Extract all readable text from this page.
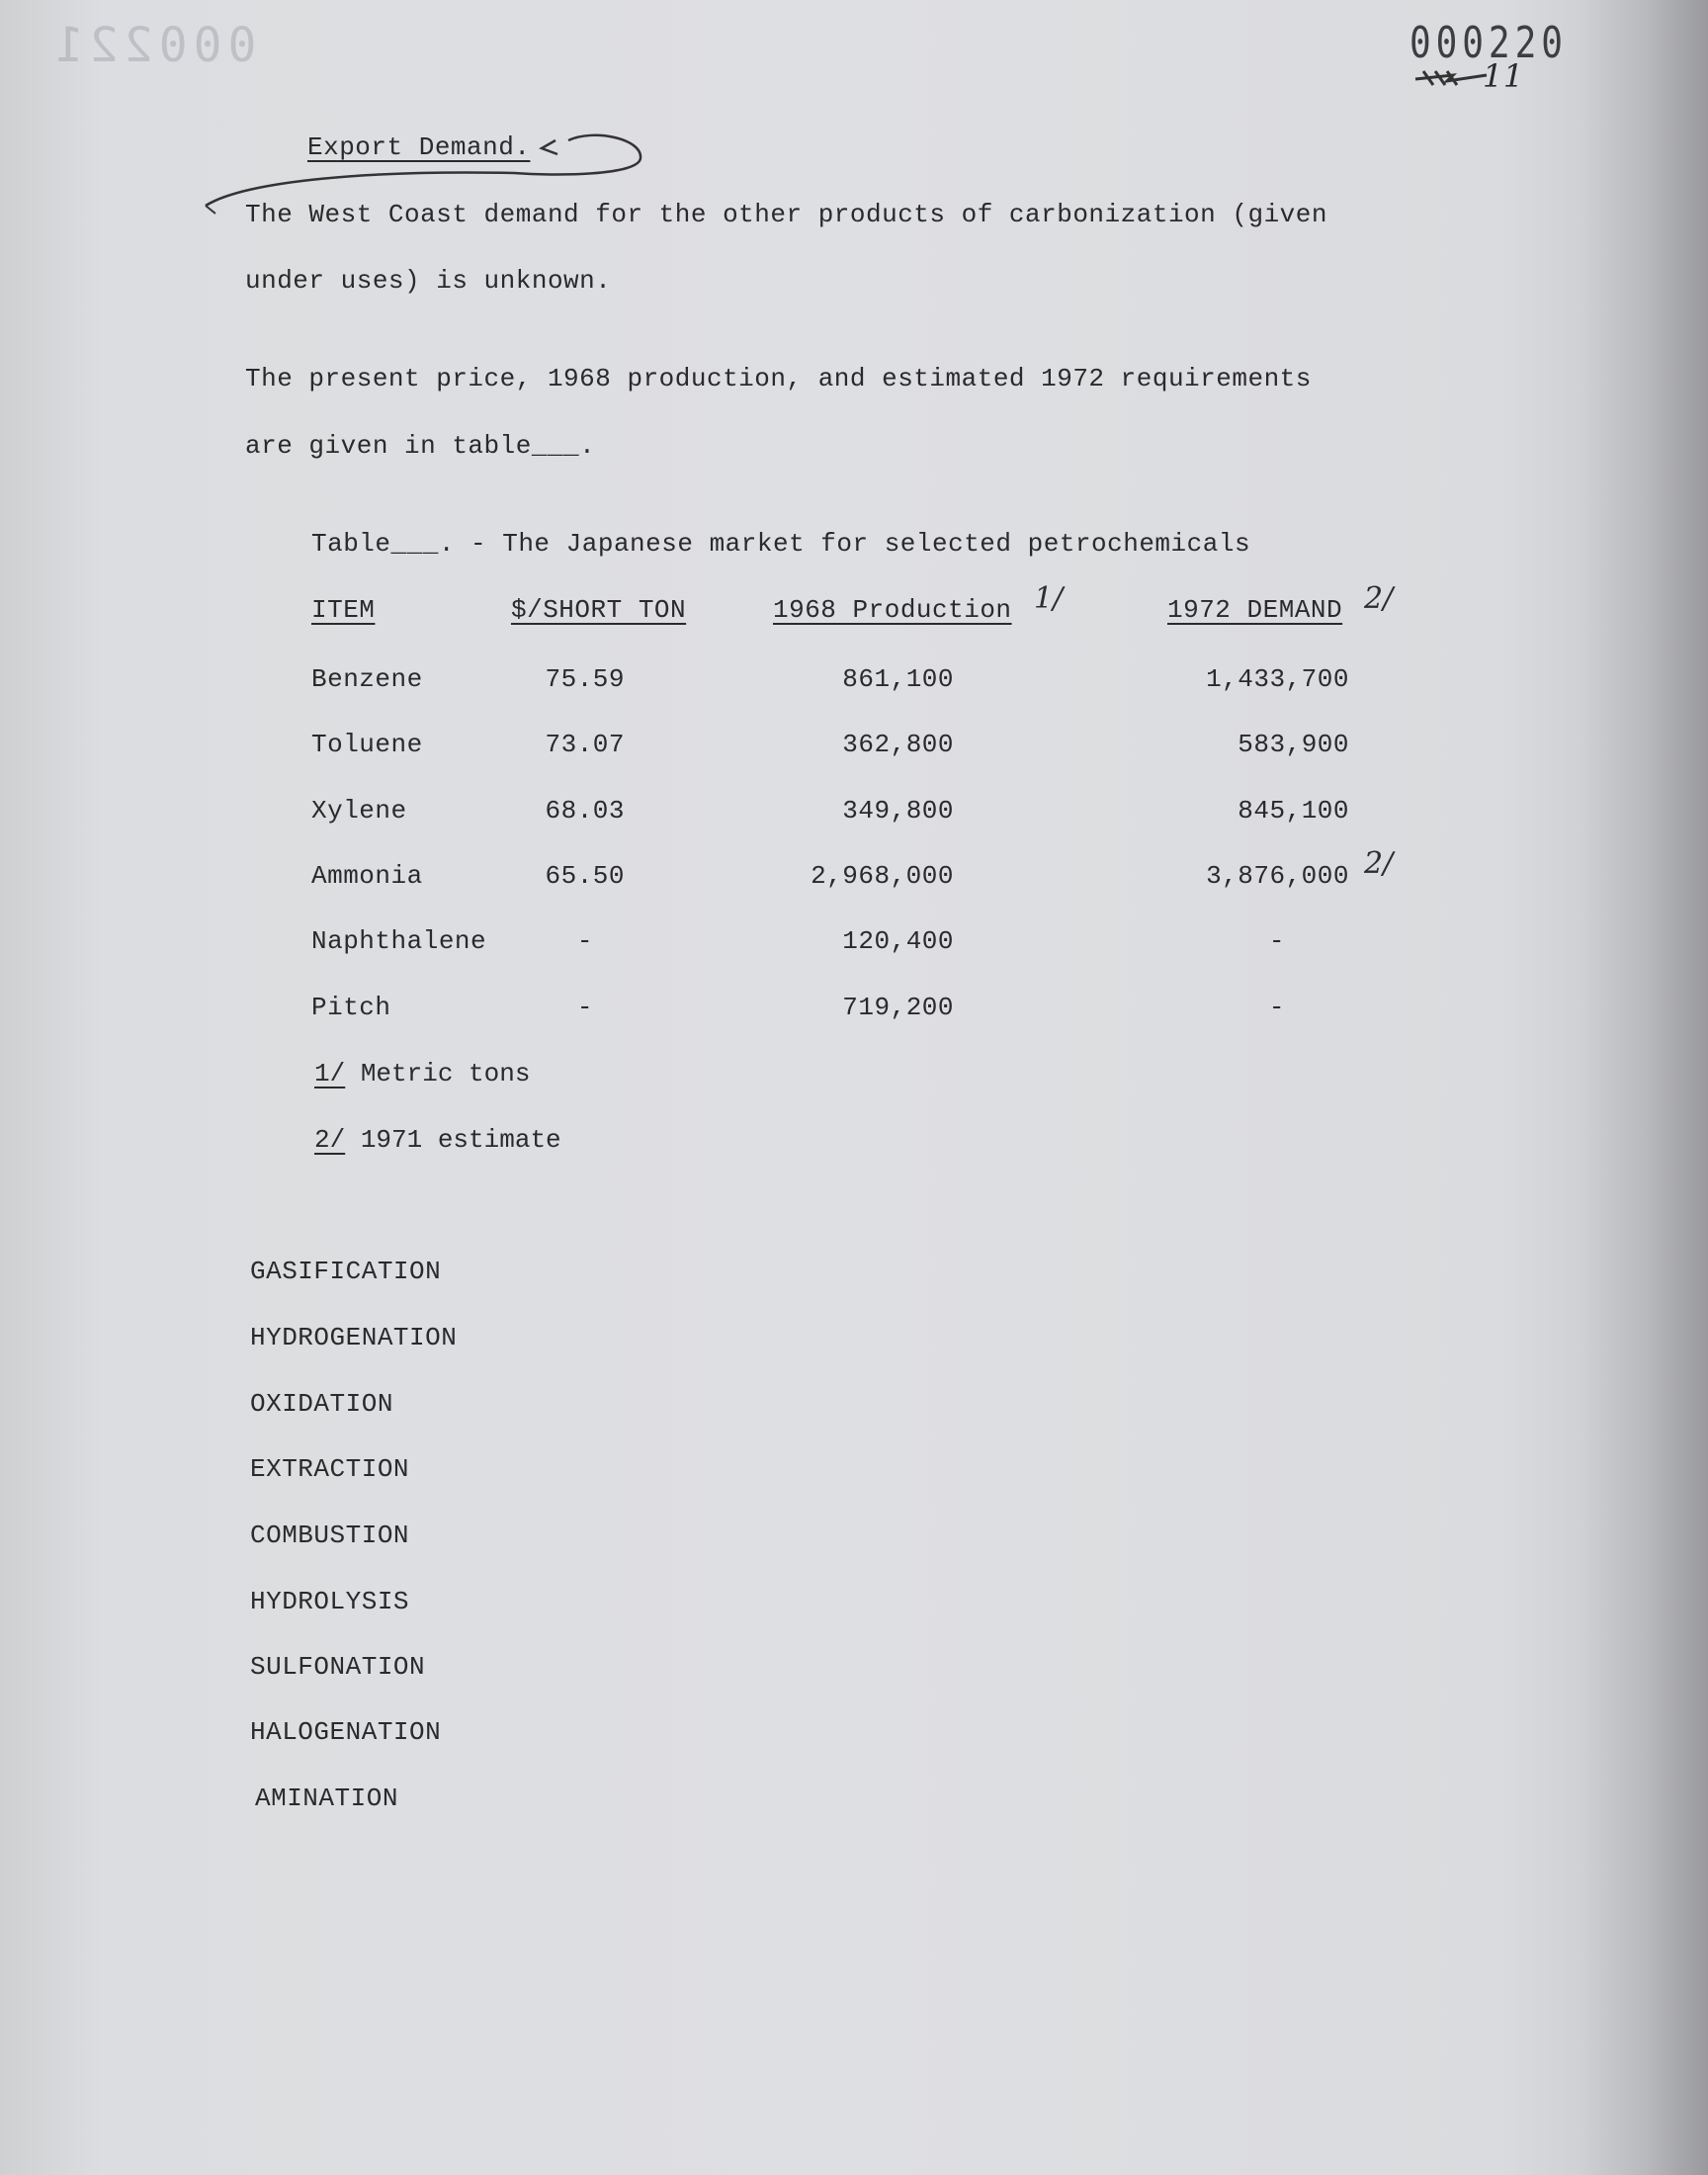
000221	000220
11
Export Demand.
The West Coast demand for the other products of carbonization (given
under uses) is unknown.
The present price, 1968 production, and estimated 1972 requirements
are given in table___.
Table___. - The Japanese market for selected petrochemicals
ITEM	$/SHORT TON	1968 Production 1/	1972 DEMAND 2/
Benzene	75.59	861,100	1,433,700
Toluene	73.07	362,800	583,900
Xylene	68.03	349,800	845,100
Ammonia	65.50	2,968,000	3,876,000 2/
Naphthalene	-	120,400	-
Pitch	-	719,200	-
1/ Metric tons
2/ 1971 estimate
GASIFICATION
HYDROGENATION
OXIDATION
EXTRACTION
COMBUSTION
HYDROLYSIS
SULFONATION
HALOGENATION
AMINATION
